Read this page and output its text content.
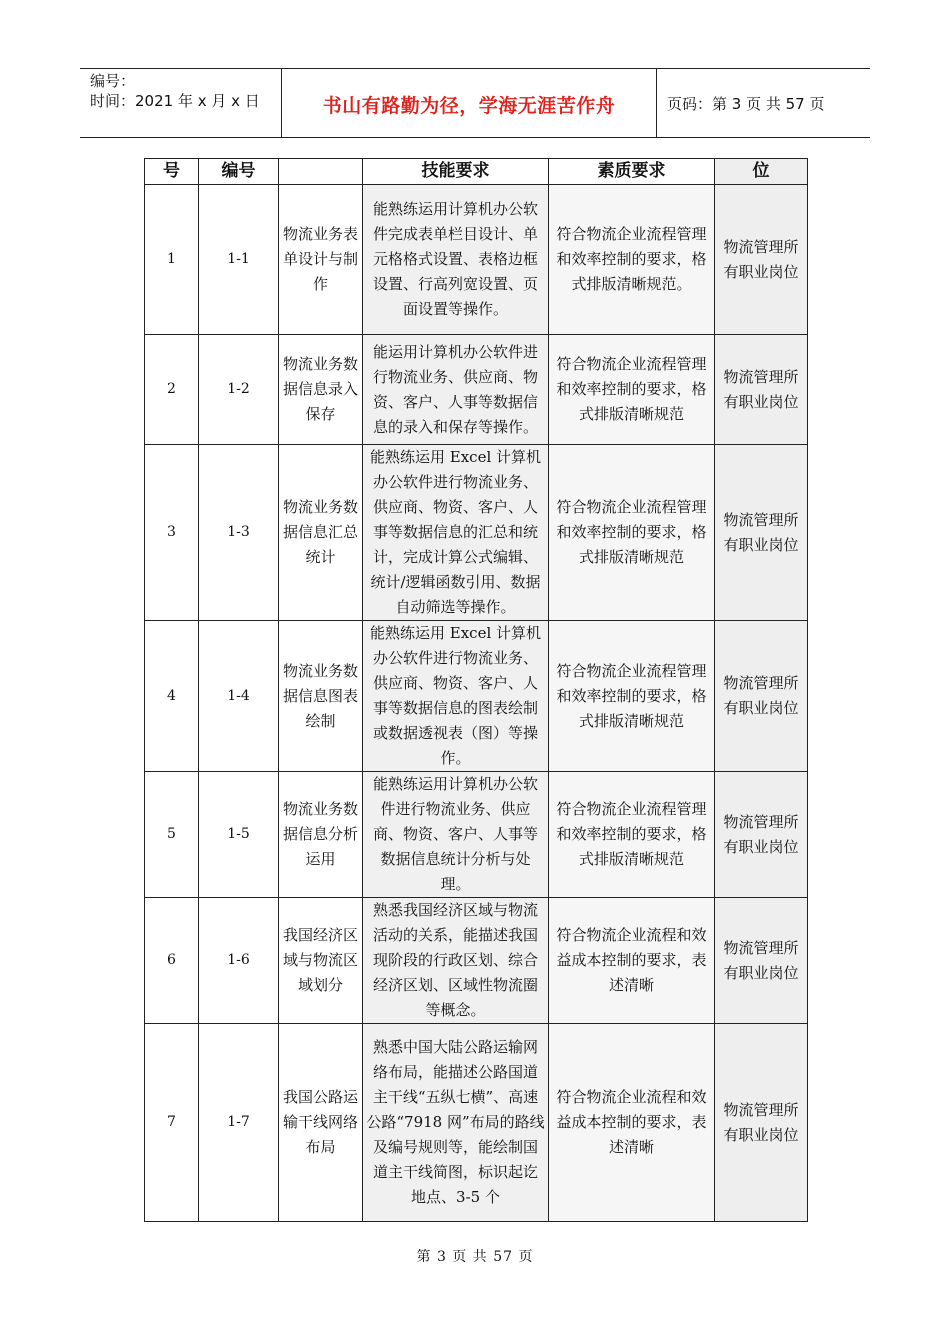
编号：
时间：2021 年 x 月 x 日	书山有路勤为径，学海无涯苦作舟	页码：第 3 页 共 57 页
号	编号		技能要求	素质要求	位
1	1-1	物流业务表单设计与制作	能熟练运用计算机办公软件完成表单栏目设计、单元格格式设置、表格边框设置、行高列宽设置、页面设置等操作。	符合物流企业流程管理和效率控制的要求，格式排版清晰规范。	物流管理所有职业岗位
2	1-2	物流业务数据信息录入保存	能运用计算机办公软件进行物流业务、供应商、物资、客户、人事等数据信息的录入和保存等操作。	符合物流企业流程管理和效率控制的要求，格式排版清晰规范	物流管理所有职业岗位
3	1-3	物流业务数据信息汇总统计	能熟练运用 Excel 计算机办公软件进行物流业务、供应商、物资、客户、人事等数据信息的汇总和统计，完成计算公式编辑、统计/逻辑函数引用、数据自动筛选等操作。	符合物流企业流程管理和效率控制的要求，格式排版清晰规范	物流管理所有职业岗位
4	1-4	物流业务数据信息图表绘制	能熟练运用 Excel 计算机办公软件进行物流业务、供应商、物资、客户、人事等数据信息的图表绘制或数据透视表（图）等操作。	符合物流企业流程管理和效率控制的要求，格式排版清晰规范	物流管理所有职业岗位
5	1-5	物流业务数据信息分析运用	能熟练运用计算机办公软件进行物流业务、供应商、物资、客户、人事等数据信息统计分析与处理。	符合物流企业流程管理和效率控制的要求，格式排版清晰规范	物流管理所有职业岗位
6	1-6	我国经济区域与物流区域划分	熟悉我国经济区域与物流活动的关系，能描述我国现阶段的行政区划、综合经济区划、区域性物流圈等概念。	符合物流企业流程和效益成本控制的要求，表述清晰	物流管理所有职业岗位
7	1-7	我国公路运输干线网络布局	熟悉中国大陆公路运输网络布局，能描述公路国道主干线“五纵七横”、高速公路“7918 网”布局的路线及编号规则等，能绘制国道主干线简图，标识起讫地点、3-5 个	符合物流企业流程和效益成本控制的要求，表述清晰	物流管理所有职业岗位
第 3 页 共 57 页
